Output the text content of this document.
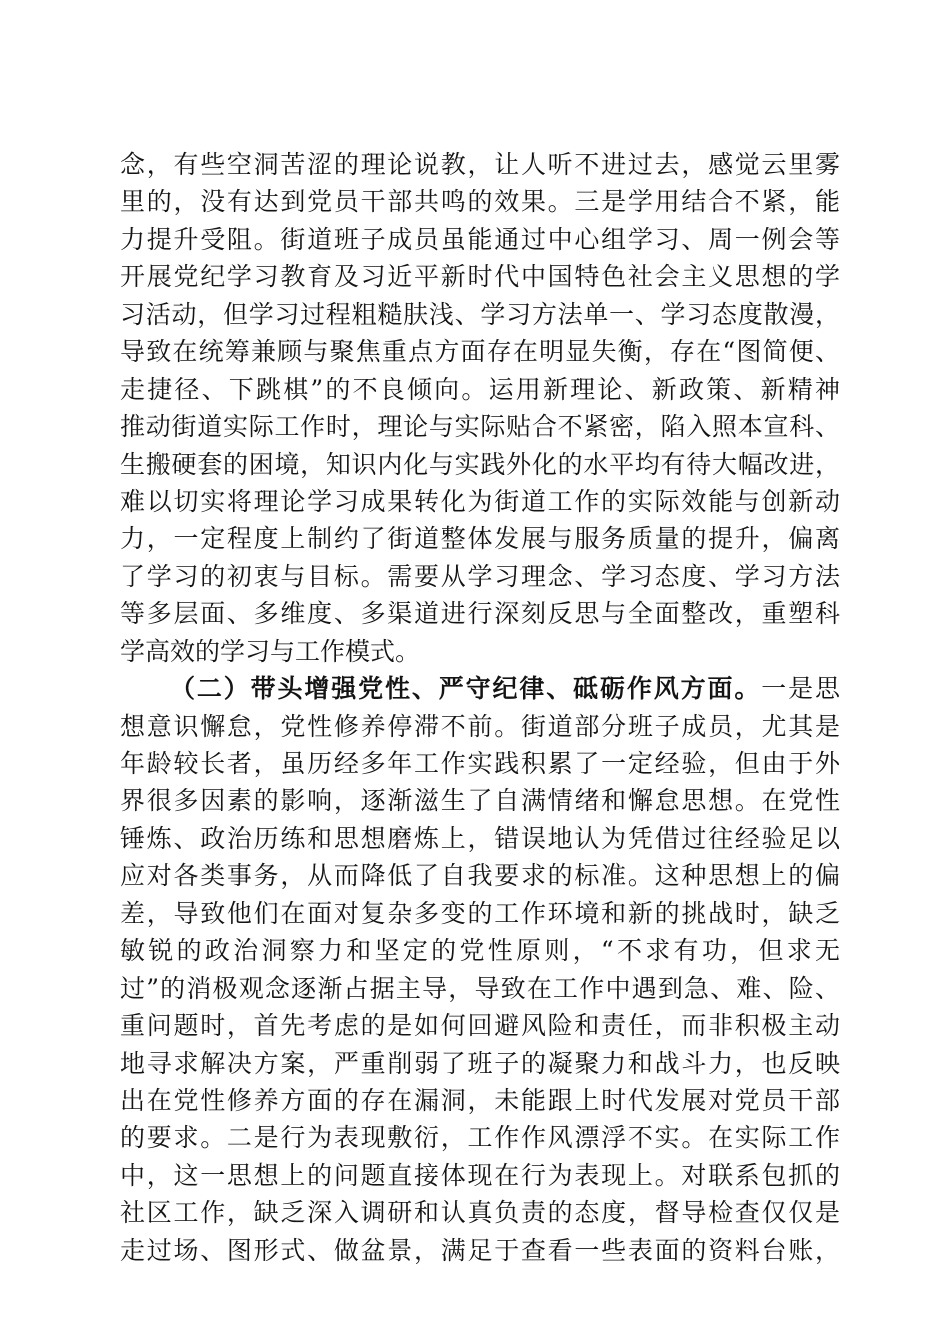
念，有些空洞苦涩的理论说教，让人听不进过去，感觉云里雾
里的，没有达到党员干部共鸣的效果。三是学用结合不紧，能
力提升受阻。街道班子成员虽能通过中心组学习、周一例会等
开展党纪学习教育及习近平新时代中国特色社会主义思想的学
习活动，但学习过程粗糙肤浅、学习方法单一、学习态度散漫，
导致在统筹兼顾与聚焦重点方面存在明显失衡，存在“图简便、
走捷径、下跳棋”的不良倾向。运用新理论、新政策、新精神
推动街道实际工作时，理论与实际贴合不紧密，陷入照本宣科、
生搬硬套的困境，知识内化与实践外化的水平均有待大幅改进，
难以切实将理论学习成果转化为街道工作的实际效能与创新动
力，一定程度上制约了街道整体发展与服务质量的提升，偏离
了学习的初衷与目标。需要从学习理念、学习态度、学习方法
等多层面、多维度、多渠道进行深刻反思与全面整改，重塑科
学高效的学习与工作模式。
（二）带头增强党性、严守纪律、砥砺作风方面。一是思
想意识懈怠，党性修养停滞不前。街道部分班子成员，尤其是
年龄较长者，虽历经多年工作实践积累了一定经验，但由于外
界很多因素的影响，逐渐滋生了自满情绪和懈怠思想。在党性
锤炼、政治历练和思想磨炼上，错误地认为凭借过往经验足以
应对各类事务，从而降低了自我要求的标准。这种思想上的偏
差，导致他们在面对复杂多变的工作环境和新的挑战时，缺乏
敏锐的政治洞察力和坚定的党性原则，“不求有功，但求无
过”的消极观念逐渐占据主导，导致在工作中遇到急、难、险、
重问题时，首先考虑的是如何回避风险和责任，而非积极主动
地寻求解决方案，严重削弱了班子的凝聚力和战斗力，也反映
出在党性修养方面的存在漏洞，未能跟上时代发展对党员干部
的要求。二是行为表现敷衍，工作作风漂浮不实。在实际工作
中，这一思想上的问题直接体现在行为表现上。对联系包抓的
社区工作，缺乏深入调研和认真负责的态度，督导检查仅仅是
走过场、图形式、做盆景，满足于查看一些表面的资料台账，
